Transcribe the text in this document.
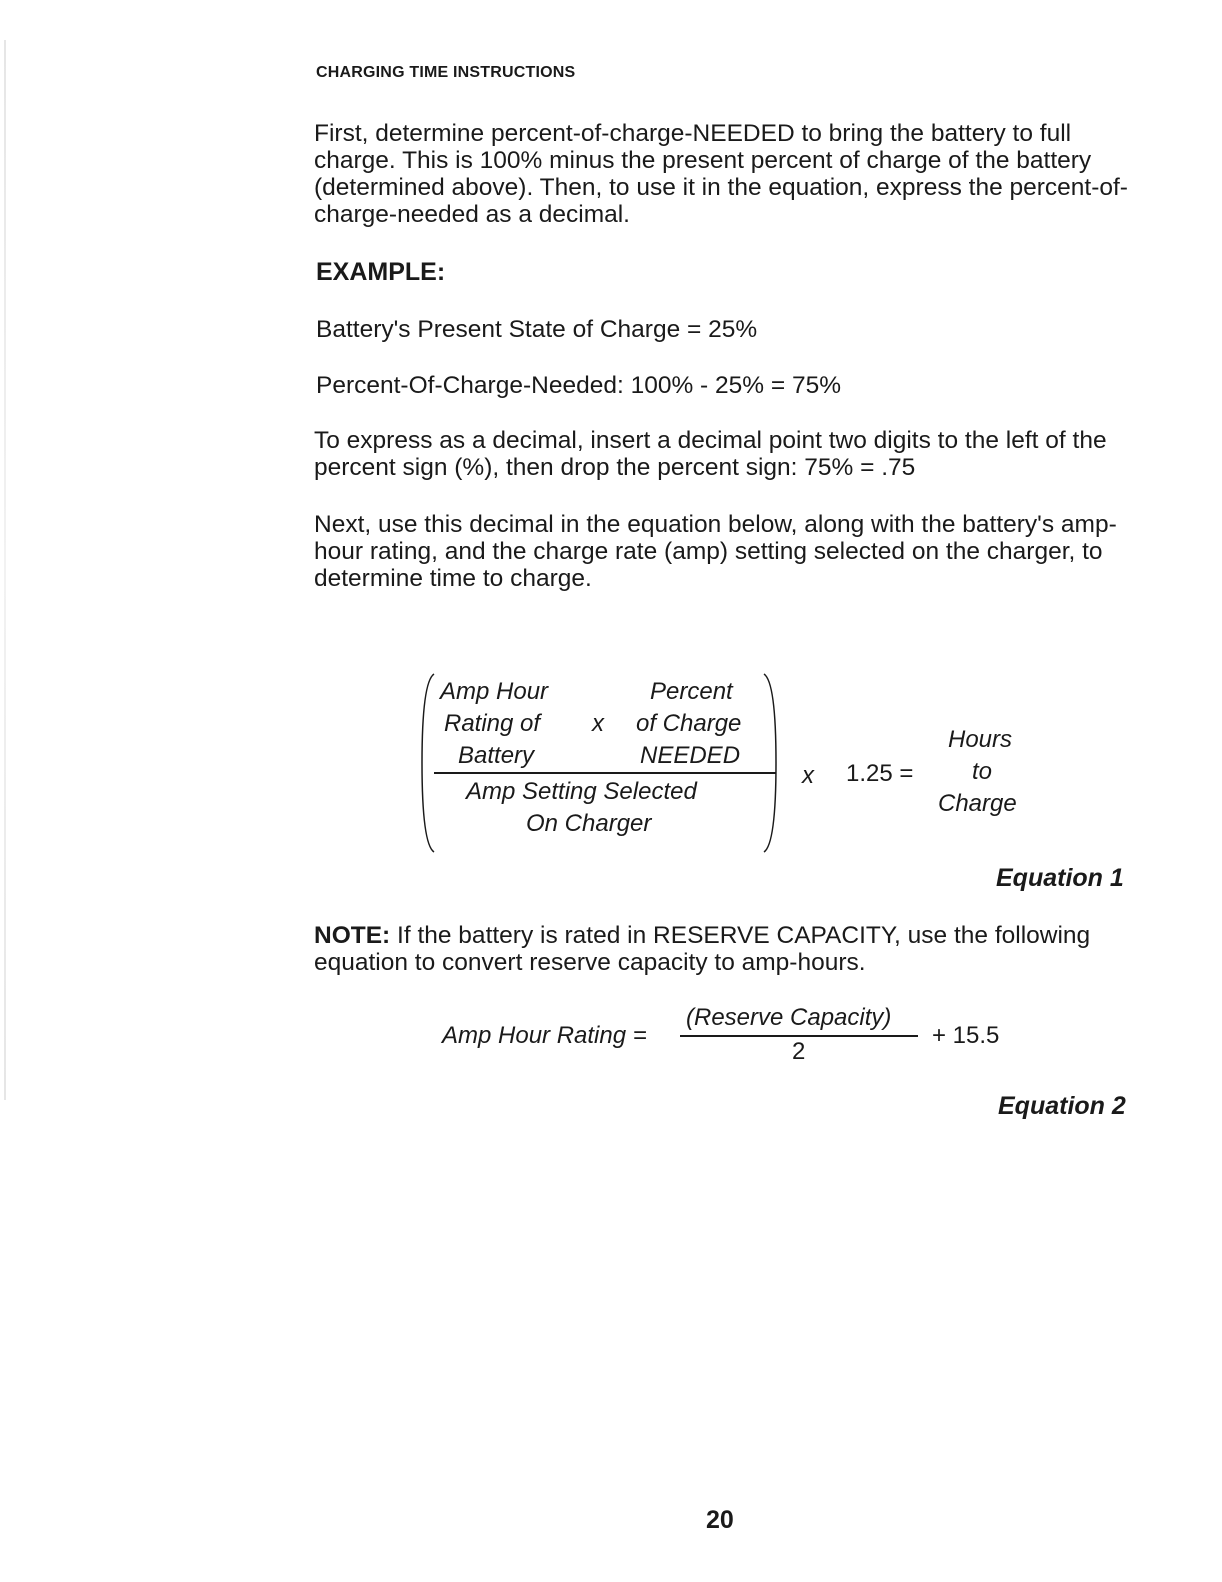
CHARGING TIME INSTRUCTIONS
First, determine percent-of-charge-NEEDED to bring the battery to full charge. This is 100% minus the present percent of charge of the battery (determined above). Then, to use it in the equation, express the percent-of-charge-needed as a decimal.
EXAMPLE:
Battery's Present State of Charge = 25%
Percent-Of-Charge-Needed: 100% - 25% = 75%
To express as a decimal, insert a decimal point two digits to the left of the percent sign (%), then drop the percent sign: 75% = .75
Next, use this decimal in the equation below, along with the battery's amp-hour rating, and the charge rate (amp) setting selected on the charger, to determine time to charge.
Amp Hour
Rating of
Battery
x
Percent
of Charge
NEEDED
Amp Setting Selected
On Charger
x 1.25 =
Hours
to
Charge
Equation 1
NOTE: If the battery is rated in RESERVE CAPACITY, use the following equation to convert reserve capacity to amp-hours.
Amp Hour Rating =
(Reserve Capacity)
2
+ 15.5
Equation 2
20
